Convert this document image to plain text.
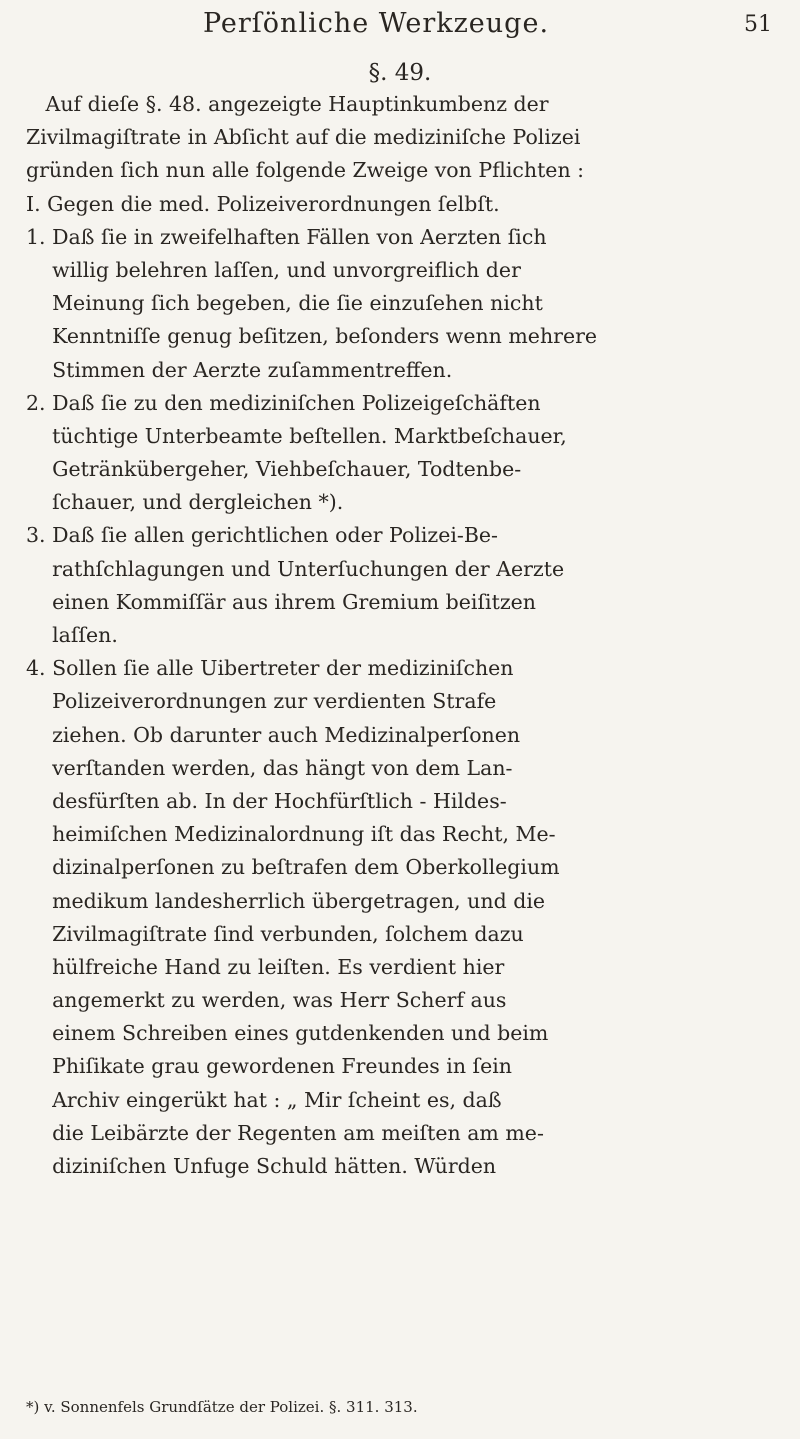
Perſönliche Werkzeuge.	51
§. 49.
Auf dieſe §. 48. angezeigte Hauptinkumbenz der
Zivilmagiſtrate in Abſicht auf die mediziniſche Polizei
gründen ſich nun alle folgende Zweige von Pflichten :
I. Gegen die med. Polizeiverordnungen ſelbſt.
1. Daß ſie in zweifelhaften Fällen von Aerzten ſich
willig belehren laſſen, und unvorgreiflich der
Meinung ſich begeben, die ſie einzuſehen nicht
Kenntniſſe genug beſitzen, beſonders wenn mehrere
Stimmen der Aerzte zuſammentreffen.
2. Daß ſie zu den mediziniſchen Polizeigeſchäften
tüchtige Unterbeamte beſtellen. Marktbeſchauer,
Getränkübergeher, Viehbeſchauer, Todtenbe-
ſchauer, und dergleichen *).
3. Daß ſie allen gerichtlichen oder Polizei-Be-
rathſchlagungen und Unterſuchungen der Aerzte
einen Kommiſſär aus ihrem Gremium beiſitzen
laſſen.
4. Sollen ſie alle Uibertreter der mediziniſchen
Polizeiverordnungen zur verdienten Strafe
ziehen. Ob darunter auch Medizinalperſonen
verſtanden werden, das hängt von dem Lan-
desfürſten ab. In der Hochfürſtlich - Hildes-
heimiſchen Medizinalordnung iſt das Recht, Me-
dizinalperſonen zu beſtrafen dem Oberkollegium
medikum landesherrlich übergetragen, und die
Zivilmagiſtrate ſind verbunden, ſolchem dazu
hülfreiche Hand zu leiſten. Es verdient hier
angemerkt zu werden, was Herr Scherf aus
einem Schreiben eines gutdenkenden und beim
Phiſikate grau gewordenen Freundes in ſein
Archiv eingerükt hat : „ Mir ſcheint es, daß
die Leibärzte der Regenten am meiſten am me-
diziniſchen Unfuge Schuld hätten. Würden
*) v. Sonnenfels Grundſätze der Polizei. §. 311. 313.
